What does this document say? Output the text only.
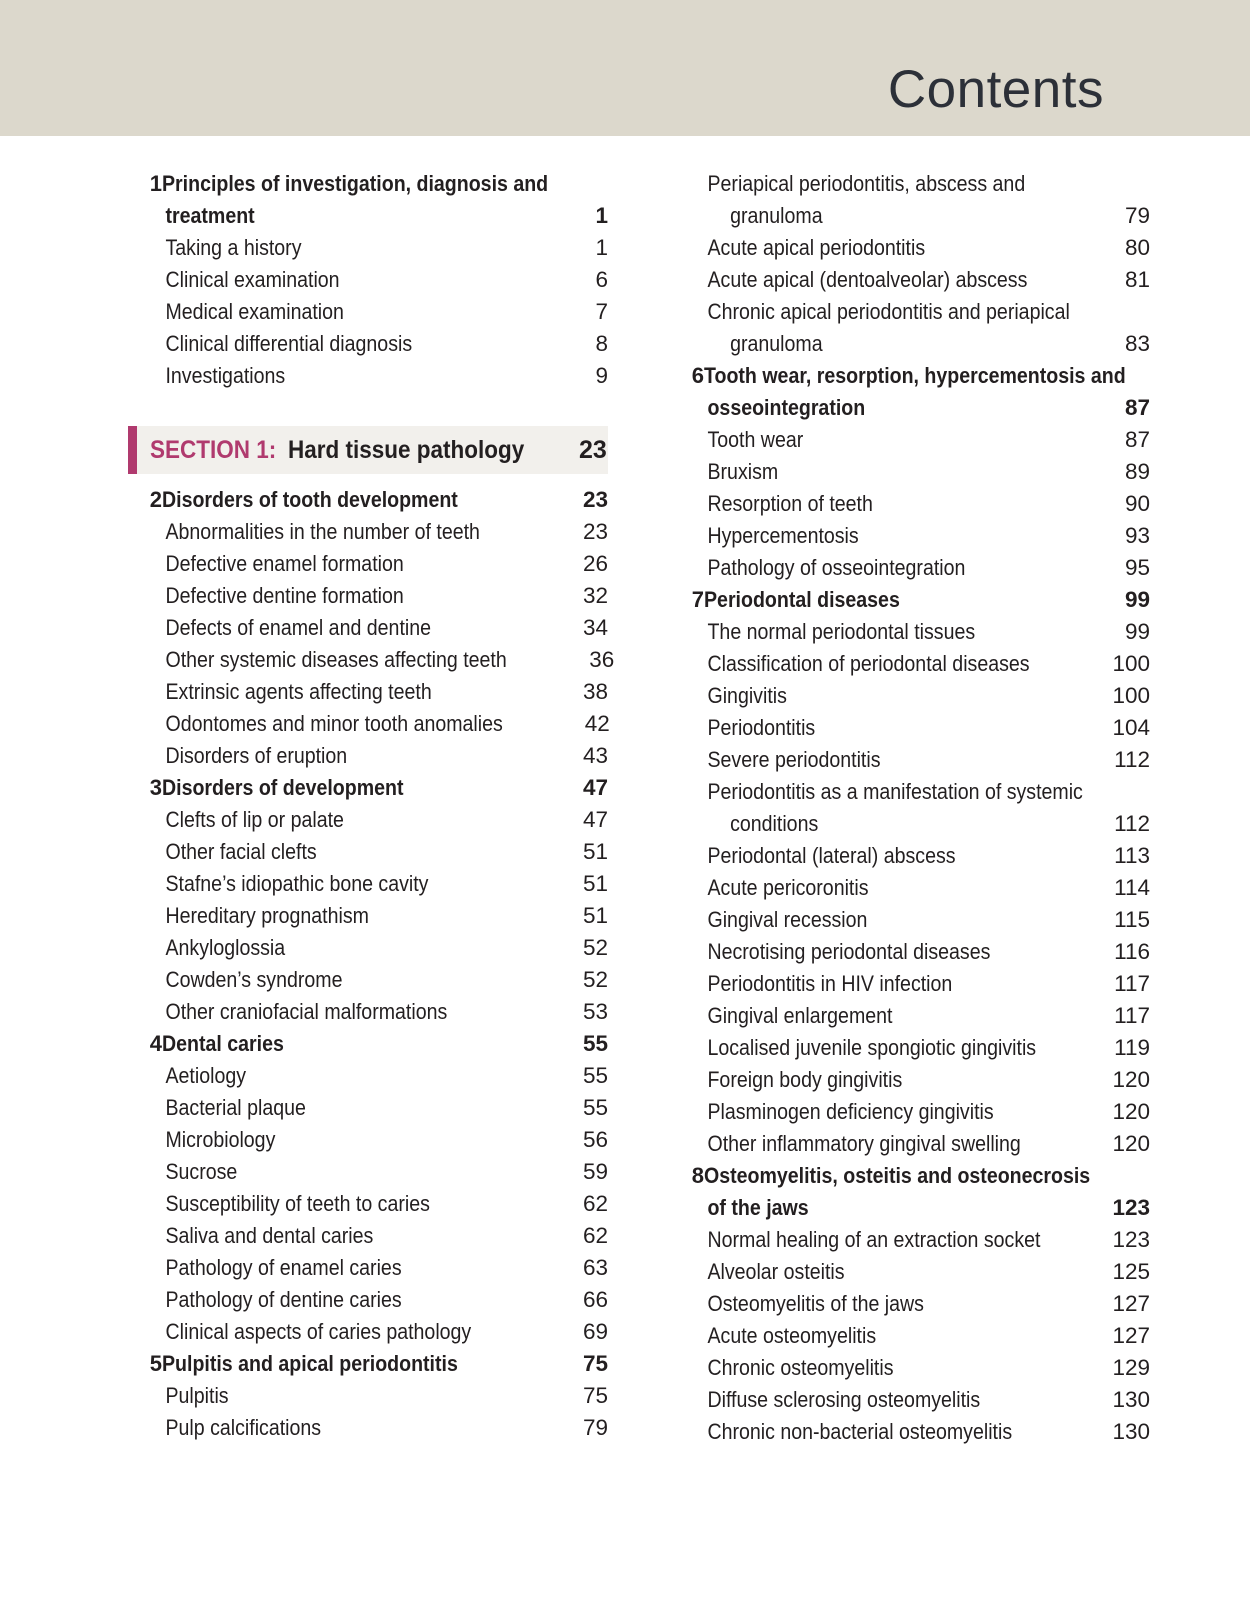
Contents
1 Principles of investigation, diagnosis and
treatment	1
Taking a history	1
Clinical examination	6
Medical examination	7
Clinical differential diagnosis	8
Investigations	9
SECTION 1: Hard tissue pathology	23
2 Disorders of tooth development	23
Abnormalities in the number of teeth	23
Defective enamel formation	26
Defective dentine formation	32
Defects of enamel and dentine	34
Other systemic diseases affecting teeth	36
Extrinsic agents affecting teeth	38
Odontomes and minor tooth anomalies	42
Disorders of eruption	43
3 Disorders of development	47
Clefts of lip or palate	47
Other facial clefts	51
Stafne’s idiopathic bone cavity	51
Hereditary prognathism	51
Ankyloglossia	52
Cowden’s syndrome	52
Other craniofacial malformations	53
4 Dental caries	55
Aetiology	55
Bacterial plaque	55
Microbiology	56
Sucrose	59
Susceptibility of teeth to caries	62
Saliva and dental caries	62
Pathology of enamel caries	63
Pathology of dentine caries	66
Clinical aspects of caries pathology	69
5 Pulpitis and apical periodontitis	75
Pulpitis	75
Pulp calcifications	79
Periapical periodontitis, abscess and
granuloma	79
Acute apical periodontitis	80
Acute apical (dentoalveolar) abscess	81
Chronic apical periodontitis and periapical
granuloma	83
6 Tooth wear, resorption, hypercementosis and
osseointegration	87
Tooth wear	87
Bruxism	89
Resorption of teeth	90
Hypercementosis	93
Pathology of osseointegration	95
7 Periodontal diseases	99
The normal periodontal tissues	99
Classification of periodontal diseases	100
Gingivitis	100
Periodontitis	104
Severe periodontitis	112
Periodontitis as a manifestation of systemic
conditions	112
Periodontal (lateral) abscess	113
Acute pericoronitis	114
Gingival recession	115
Necrotising periodontal diseases	116
Periodontitis in HIV infection	117
Gingival enlargement	117
Localised juvenile spongiotic gingivitis	119
Foreign body gingivitis	120
Plasminogen deficiency gingivitis	120
Other inflammatory gingival swelling	120
8 Osteomyelitis, osteitis and osteonecrosis
of the jaws	123
Normal healing of an extraction socket	123
Alveolar osteitis	125
Osteomyelitis of the jaws	127
Acute osteomyelitis	127
Chronic osteomyelitis	129
Diffuse sclerosing osteomyelitis	130
Chronic non-bacterial osteomyelitis	130
